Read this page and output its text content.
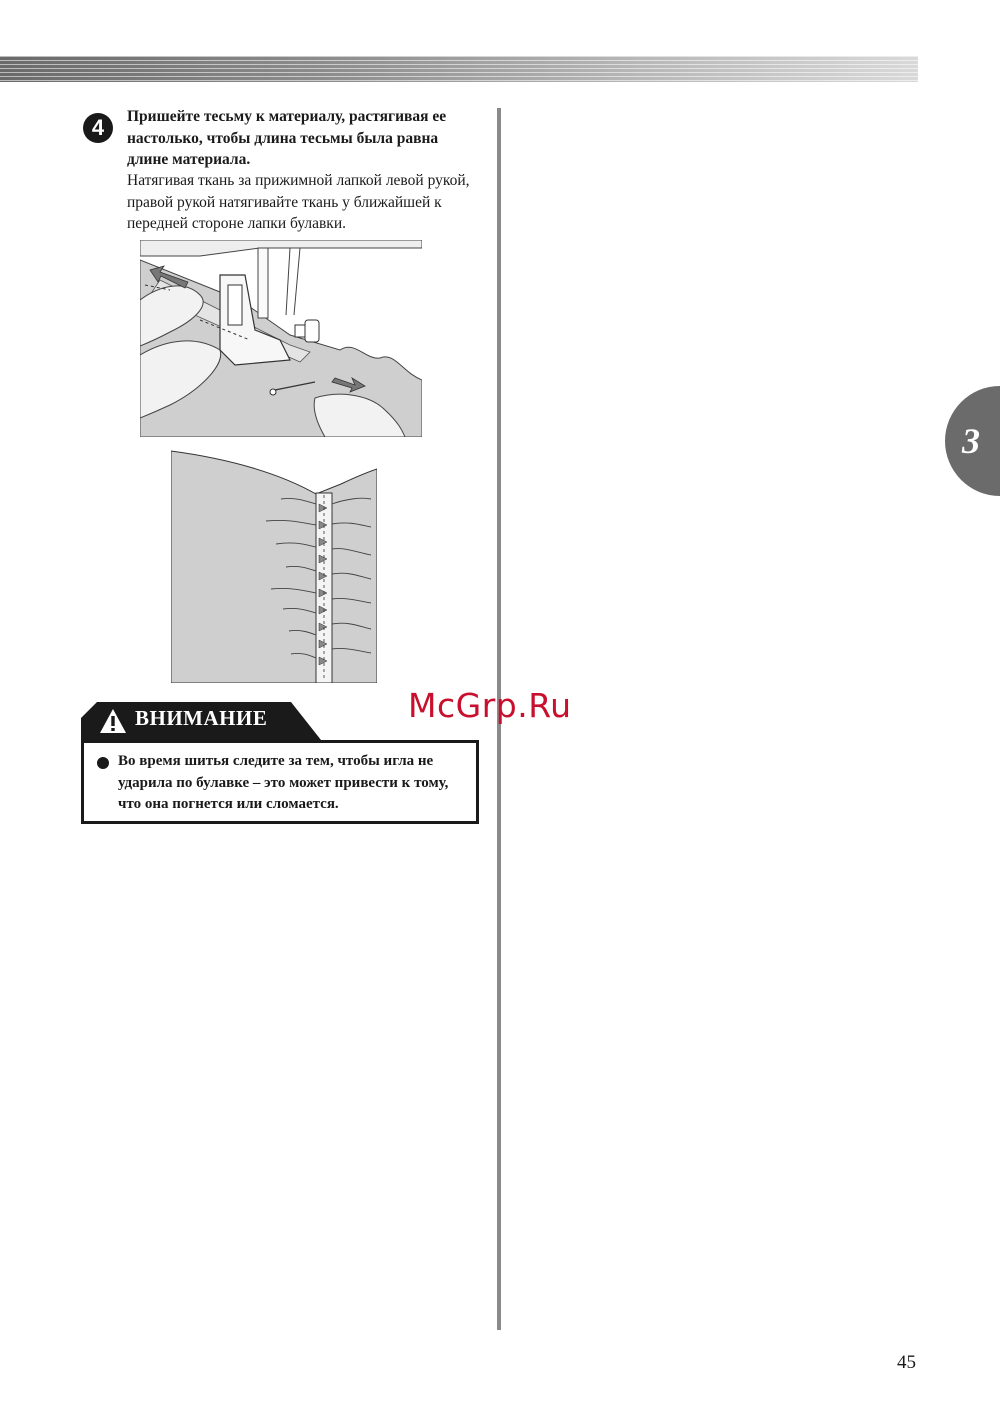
4	Пришейте тесьму к материалу, растягивая ее настолько, чтобы длина тесьмы была равна длине материала.

Натягивая ткань за прижимной лапкой левой рукой, правой рукой натягивайте ткань у ближайшей к передней стороне лапки булавки.

ВНИМАНИЕ

Во время шитья следите за тем, чтобы игла не ударила по булавке – это может привести к тому, что она погнется или сломается.

McGrp.Ru
3
45
